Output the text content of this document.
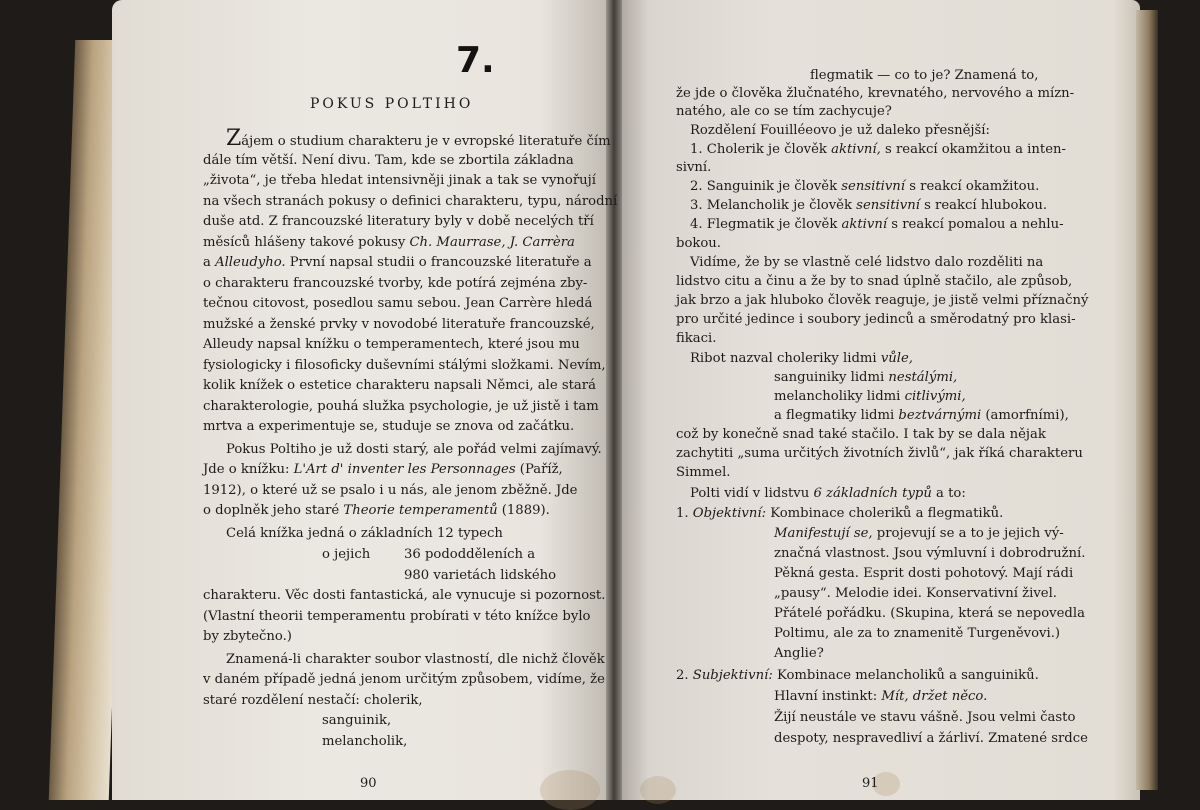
7.
POKUS POLTIHO
Zájem o studium charakteru je v evropské literatuře čím
dále tím větší. Není divu. Tam, kde se zbortila základna
„života“, je třeba hledat intensivněji jinak a tak se vynořují
na všech stranách pokusy o definici charakteru, typu, národní
duše atd. Z francouzské literatury byly v době necelých tří
měsíců hlášeny takové pokusy Ch. Maurrase, J. Carrèra
a Alleudyho. První napsal studii o francouzské literatuře a
o charakteru francouzské tvorby, kde potírá zejména zby-
tečnou citovost, posedlou samu sebou. Jean Carrère hledá
mužské a ženské prvky v novodobé literatuře francouzské,
Alleudy napsal knížku o temperamentech, které jsou mu
fysiologicky i filosoficky duševními stálými složkami. Nevím,
kolik knížek o estetice charakteru napsali Němci, ale stará
charakterologie, pouhá služka psychologie, je už jistě i tam
mrtva a experimentuje se, studuje se znova od začátku.
Pokus Poltiho je už dosti starý, ale pořád velmi zajímavý.
Jde o knížku: L'Art d' inventer les Personnages (Paříž,
1912), o které už se psalo i u nás, ale jenom zběžně. Jde
o doplněk jeho staré Theorie temperamentů (1889).
Celá knížka jedná o základních 12 typech
o jejich	36 pododděleních a
980 varietách lidského
charakteru. Věc dosti fantastická, ale vynucuje si pozornost.
(Vlastní theorii temperamentu probírati v této knížce bylo
by zbytečno.)
Znamená-li charakter soubor vlastností, dle nichž člověk
v daném případě jedná jenom určitým způsobem, vidíme, že
staré rozdělení nestačí: cholerik,
sanguinik,
melancholik,
90
flegmatik — co to je? Znamená to,
že jde o člověka žlučnatého, krevnatého, nervového a mízn-
natého, ale co se tím zachycuje?
Rozdělení Fouilléeovo je už daleko přesnější:
1. Cholerik je člověk aktivní, s reakcí okamžitou a inten-
sivní.
2. Sanguinik je člověk sensitivní s reakcí okamžitou.
3. Melancholik je člověk sensitivní s reakcí hlubokou.
4. Flegmatik je člověk aktivní s reakcí pomalou a nehlu-
bokou.
Vidíme, že by se vlastně celé lidstvo dalo rozděliti na
lidstvo citu a činu a že by to snad úplně stačilo, ale způsob,
jak brzo a jak hluboko člověk reaguje, je jistě velmi příznačný
pro určité jedince i soubory jedinců a směrodatný pro klasi-
fikaci.
Ribot nazval choleriky lidmi vůle,
sanguiniky lidmi nestálými,
melancholiky lidmi citlivými,
a flegmatiky lidmi beztvárnými (amorfními),
což by konečně snad také stačilo. I tak by se dala nějak
zachytiti „suma určitých životních živlů“, jak říká charakteru
Simmel.
Polti vidí v lidstvu 6 základních typů a to:
1. Objektivní: Kombinace choleriků a flegmatiků.
Manifestují se, projevují se a to je jejich vý-
značná vlastnost. Jsou výmluvní i dobrodružní.
Pěkná gesta. Esprit dosti pohotový. Mají rádi
„pausy“. Melodie idei. Konservativní živel.
Přátelé pořádku. (Skupina, která se nepovedla
Poltimu, ale za to znamenitě Turgeněvovi.)
Anglie?
2. Subjektivní: Kombinace melancholiků a sanguiniků.
Hlavní instinkt: Mít, držet něco.
Žijí neustále ve stavu vášně. Jsou velmi často
despoty, nespravedliví a žárliví. Zmatené srdce
91
